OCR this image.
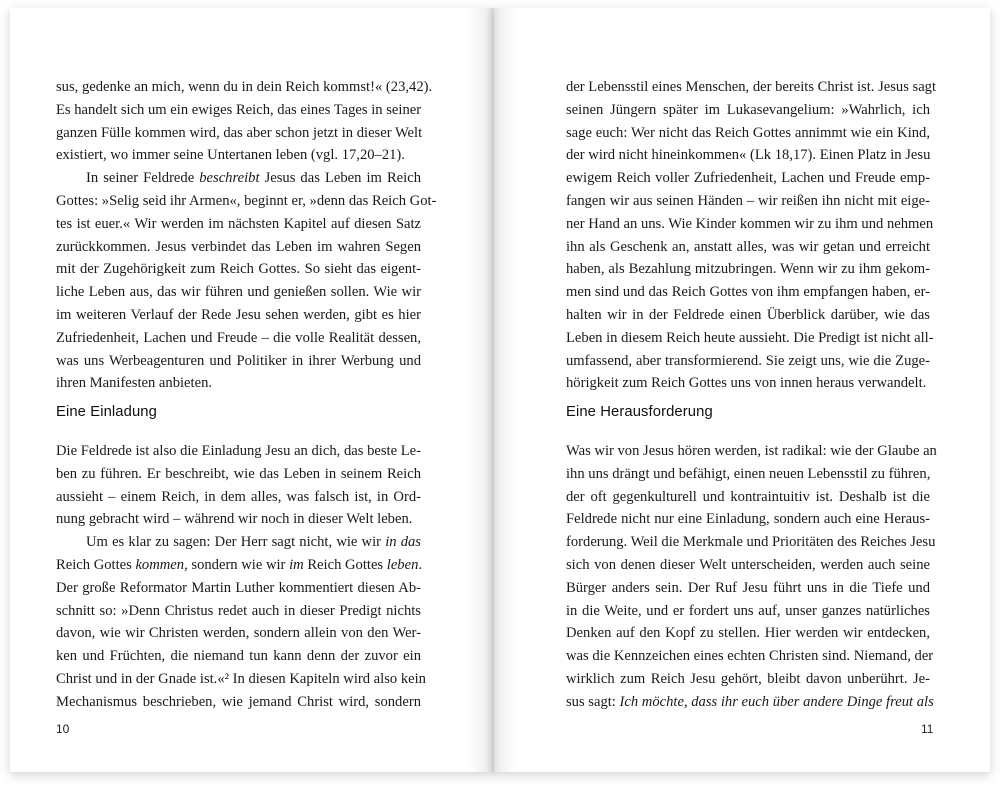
sus, gedenke an mich, wenn du in dein Reich kommst!« (23,42).
Es handelt sich um ein ewiges Reich, das eines Tages in seiner
ganzen Fülle kommen wird, das aber schon jetzt in dieser Welt
existiert, wo immer seine Untertanen leben (vgl. 17,20–21).
In seiner Feldrede beschreibt Jesus das Leben im Reich
Gottes: »Selig seid ihr Armen«, beginnt er, »denn das Reich Got-
tes ist euer.« Wir werden im nächsten Kapitel auf diesen Satz
zurückkommen. Jesus verbindet das Leben im wahren Segen
mit der Zugehörigkeit zum Reich Gottes. So sieht das eigent-
liche Leben aus, das wir führen und genießen sollen. Wie wir
im weiteren Verlauf der Rede Jesu sehen werden, gibt es hier
Zufriedenheit, Lachen und Freude – die volle Realität dessen,
was uns Werbeagenturen und Politiker in ihrer Werbung und
ihren Manifesten anbieten.
Eine Einladung
Die Feldrede ist also die Einladung Jesu an dich, das beste Le-
ben zu führen. Er beschreibt, wie das Leben in seinem Reich
aussieht – einem Reich, in dem alles, was falsch ist, in Ord-
nung gebracht wird – während wir noch in dieser Welt leben.
Um es klar zu sagen: Der Herr sagt nicht, wie wir in das
Reich Gottes kommen, sondern wie wir im Reich Gottes leben.
Der große Reformator Martin Luther kommentiert diesen Ab-
schnitt so: »Denn Christus redet auch in dieser Predigt nichts
davon, wie wir Christen werden, sondern allein von den Wer-
ken und Früchten, die niemand tun kann denn der zuvor ein
Christ und in der Gnade ist.«² In diesen Kapiteln wird also kein
Mechanismus beschrieben, wie jemand Christ wird, sondern
10
der Lebensstil eines Menschen, der bereits Christ ist. Jesus sagt
seinen Jüngern später im Lukasevangelium: »Wahrlich, ich
sage euch: Wer nicht das Reich Gottes annimmt wie ein Kind,
der wird nicht hineinkommen« (Lk 18,17). Einen Platz in Jesu
ewigem Reich voller Zufriedenheit, Lachen und Freude emp-
fangen wir aus seinen Händen – wir reißen ihn nicht mit eige-
ner Hand an uns. Wie Kinder kommen wir zu ihm und nehmen
ihn als Geschenk an, anstatt alles, was wir getan und erreicht
haben, als Bezahlung mitzubringen. Wenn wir zu ihm gekom-
men sind und das Reich Gottes von ihm empfangen haben, er-
halten wir in der Feldrede einen Überblick darüber, wie das
Leben in diesem Reich heute aussieht. Die Predigt ist nicht all-
umfassend, aber transformierend. Sie zeigt uns, wie die Zuge-
hörigkeit zum Reich Gottes uns von innen heraus verwandelt.
Eine Herausforderung
Was wir von Jesus hören werden, ist radikal: wie der Glaube an
ihn uns drängt und befähigt, einen neuen Lebensstil zu führen,
der oft gegenkulturell und kontraintuitiv ist. Deshalb ist die
Feldrede nicht nur eine Einladung, sondern auch eine Heraus-
forderung. Weil die Merkmale und Prioritäten des Reiches Jesu
sich von denen dieser Welt unterscheiden, werden auch seine
Bürger anders sein. Der Ruf Jesu führt uns in die Tiefe und
in die Weite, und er fordert uns auf, unser ganzes natürliches
Denken auf den Kopf zu stellen. Hier werden wir entdecken,
was die Kennzeichen eines echten Christen sind. Niemand, der
wirklich zum Reich Jesu gehört, bleibt davon unberührt. Je-
sus sagt: Ich möchte, dass ihr euch über andere Dinge freut als
11
